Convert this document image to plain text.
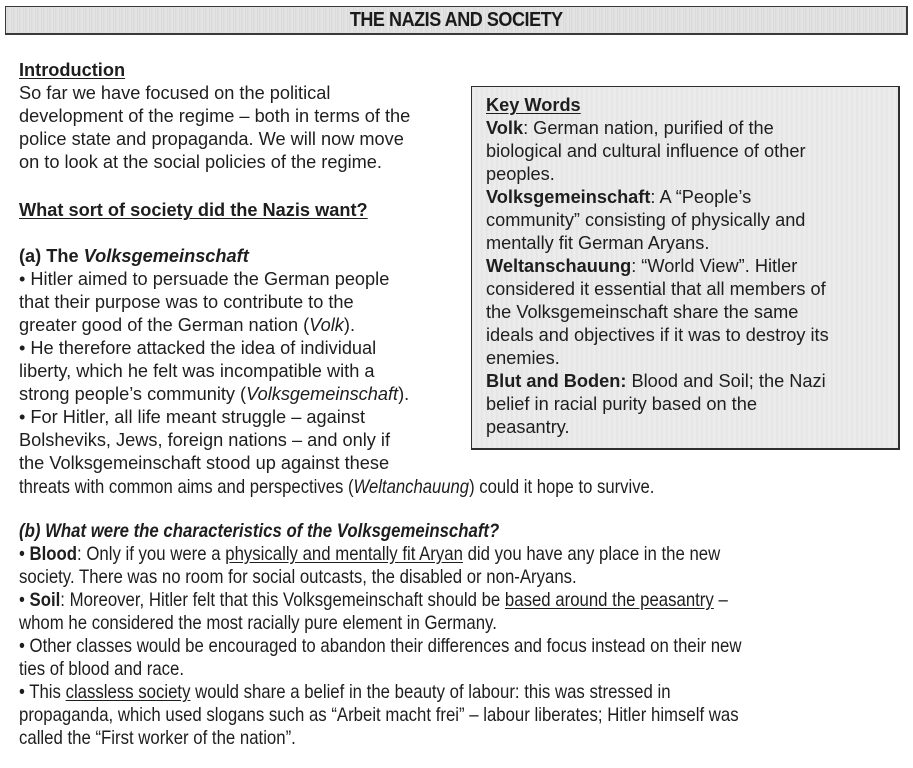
THE NAZIS AND SOCIETY
Introduction
So far we have focused on the political
development of the regime – both in terms of the
police state and propaganda. We will now move
on to look at the social policies of the regime.
What sort of society did the Nazis want?
(a) The Volksgemeinschaft

• Hitler aimed to persuade the German people

that their purpose was to contribute to the

greater good of the German nation (Volk).

• He therefore attacked the idea of individual

liberty, which he felt was incompatible with a

strong people’s community (Volksgemeinschaft).

• For Hitler, all life meant struggle – against

Bolsheviks, Jews, foreign nations – and only if

the Volksgemeinschaft stood up against these

threats with common aims and perspectives (Weltanchauung) could it hope to survive.

Key Words

Volk: German nation, purified of the

biological and cultural influence of other

peoples.

Volksgemeinschaft: A “People’s

community” consisting of physically and

mentally fit German Aryans.

Weltanschauung: “World View”. Hitler

considered it essential that all members of

the Volksgemeinschaft share the same

ideals and objectives if it was to destroy its

enemies.

Blut and Boden: Blood and Soil; the Nazi

belief in racial purity based on the

peasantry.

(b) What were the characteristics of the Volksgemeinschaft?

• Blood: Only if you were a physically and mentally fit Aryan did you have any place in the new

society. There was no room for social outcasts, the disabled or non-Aryans.

• Soil: Moreover, Hitler felt that this Volksgemeinschaft should be based around the peasantry –

whom he considered the most racially pure element in Germany.

• Other classes would be encouraged to abandon their differences and focus instead on their new

ties of blood and race.

• This classless society would share a belief in the beauty of labour: this was stressed in

propaganda, which used slogans such as “Arbeit macht frei” – labour liberates; Hitler himself was

called the “First worker of the nation”.
